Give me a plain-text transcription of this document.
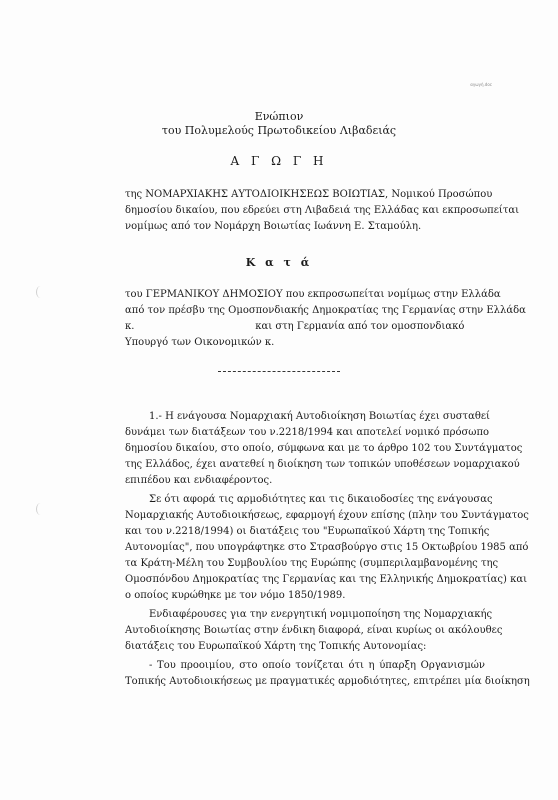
αγωγή.doc
Ενώπιον
του Πολυμελούς Πρωτοδικείου Λιβαδειάς
Α Γ Ω Γ Η
της ΝΟΜΑΡΧΙΑΚΗΣ ΑΥΤΟΔΙΟΙΚΗΣΕΩΣ ΒΟΙΩΤΙΑΣ, Νομικού Προσώπου
δημοσίου δικαίου, που εδρεύει στη Λιβαδειά της Ελλάδας και εκπροσωπείται
νομίμως από τον Νομάρχη Βοιωτίας Ιωάννη Ε. Σταμούλη.
Κ α τ ά
του ΓΕΡΜΑΝΙΚΟΥ ΔΗΜΟΣΙΟΥ που εκπροσωπείται νομίμως στην Ελλάδα
από τον πρέσβυ της Ομοσπονδιακής Δημοκρατίας της Γερμανίας στην Ελλάδα
κ.                                      και στη Γερμανία από τον ομοσπονδιακό
Υπουργό των Οικονομικών κ.
1.- Η ενάγουσα Νομαρχιακή Αυτοδιοίκηση Βοιωτίας έχει συσταθεί
δυνάμει των διατάξεων του ν.2218/1994 και αποτελεί νομικό πρόσωπο
δημοσίου δικαίου, στο οποίο, σύμφωνα και με το άρθρο 102 του Συντάγματος
της Ελλάδος, έχει ανατεθεί η διοίκηση των τοπικών υποθέσεων νομαρχιακού
επιπέδου και ενδιαφέροντος.
Σε ότι αφορά τις αρμοδιότητες και τις δικαιοδοσίες της ενάγουσας
Νομαρχιακής Αυτοδιοικήσεως, εφαρμογή έχουν επίσης (πλην του Συντάγματος
και του ν.2218/1994) οι διατάξεις του "Ευρωπαϊκού Χάρτη της Τοπικής
Αυτονομίας", που υπογράφτηκε στο Στρασβούργο στις 15 Οκτωβρίου 1985 από
τα Κράτη-Μέλη του Συμβουλίου της Ευρώπης (συμπεριλαμβανομένης της
Ομοσπόνδου Δημοκρατίας της Γερμανίας και της Ελληνικής Δημοκρατίας) και
ο οποίος κυρώθηκε με τον νόμο 1850/1989.
Ενδιαφέρουσες για την ενεργητική νομιμοποίηση της Νομαρχιακής
Αυτοδιοίκησης Βοιωτίας στην ένδικη διαφορά, είναι κυρίως οι ακόλουθες
διατάξεις του Ευρωπαϊκού Χάρτη της Τοπικής Αυτονομίας:
- Του προοιμίου, στο οποίο τονίζεται ότι η ύπαρξη Οργανισμών
Τοπικής Αυτοδιοικήσεως με πραγματικές αρμοδιότητες, επιτρέπει μία διοίκηση
